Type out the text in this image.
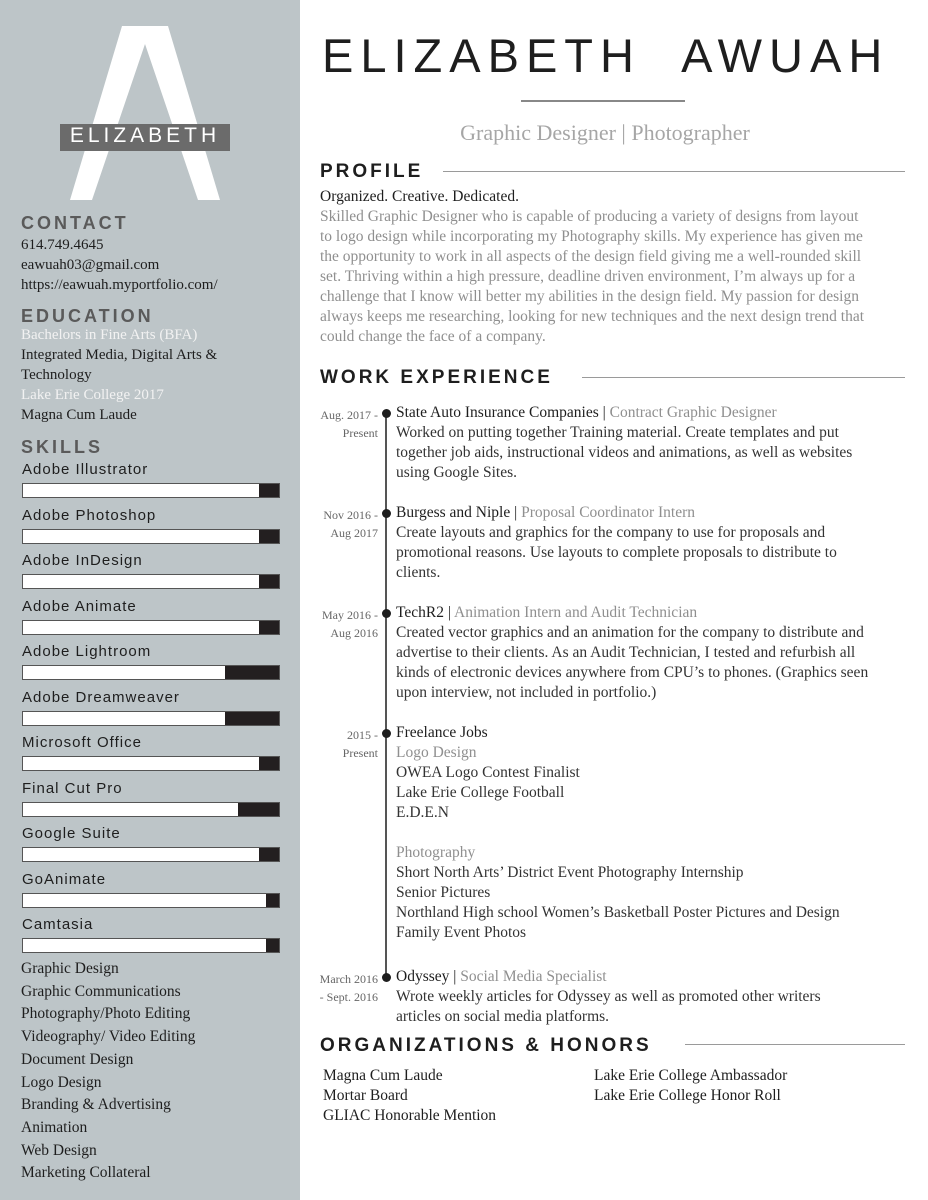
ELIZABETH
CONTACT
614.749.4645
eawuah03@gmail.com
https://eawuah.myportfolio.com/
EDUCATION
Bachelors in Fine Arts (BFA)
Integrated Media, Digital Arts &
Technology
Lake Erie College 2017
Magna Cum Laude
SKILLS
Adobe Illustrator
Adobe Photoshop
Adobe InDesign
Adobe Animate
Adobe Lightroom
Adobe Dreamweaver
Microsoft Office
Final Cut Pro
Google Suite
GoAnimate
Camtasia
Graphic Design
Graphic Communications
Photography/Photo Editing
Videography/ Video Editing
Document Design
Logo Design
Branding & Advertising
Animation
Web Design
Marketing Collateral
ELIZABETH AWUAH
Graphic Designer | Photographer
PROFILE
Organized. Creative. Dedicated.
Skilled Graphic Designer who is capable of producing a variety of designs from layout
to logo design while incorporating my Photography skills. My experience has given me
the opportunity to work in all aspects of the design field giving me a well-rounded skill
set. Thriving within a high pressure, deadline driven environment, I’m always up for a
challenge that I know will better my abilities in the design field. My passion for design
always keeps me researching, looking for new techniques and the next design trend that
could change the face of a company.
WORK EXPERIENCE
Aug. 2017 -
Present
State Auto Insurance Companies | Contract Graphic Designer
Worked on putting together Training material. Create templates and put
together job aids, instructional videos and animations, as well as websites
using Google Sites.
Nov 2016 -
Aug 2017
Burgess and Niple | Proposal Coordinator Intern
Create layouts and graphics for the company to use for proposals and
promotional reasons. Use layouts to complete proposals to distribute to
clients.
May 2016 -
Aug 2016
TechR2 | Animation Intern and Audit Technician
Created vector graphics and an animation for the company to distribute and
advertise to their clients. As an Audit Technician, I tested and refurbish all
kinds of electronic devices anywhere from CPU’s to phones. (Graphics seen
upon interview, not included in portfolio.)
2015 -
Present
Freelance Jobs
Logo Design
OWEA Logo Contest Finalist
Lake Erie College Football
E.D.E.N
Photography
Short North Arts’ District Event Photography Internship
Senior Pictures
Northland High school Women’s Basketball Poster Pictures and Design
Family Event Photos
March 2016
- Sept. 2016
Odyssey | Social Media Specialist
Wrote weekly articles for Odyssey as well as promoted other writers
articles on social media platforms.
ORGANIZATIONS & HONORS
Magna Cum Laude
Mortar Board
GLIAC Honorable Mention
Lake Erie College Ambassador
Lake Erie College Honor Roll
